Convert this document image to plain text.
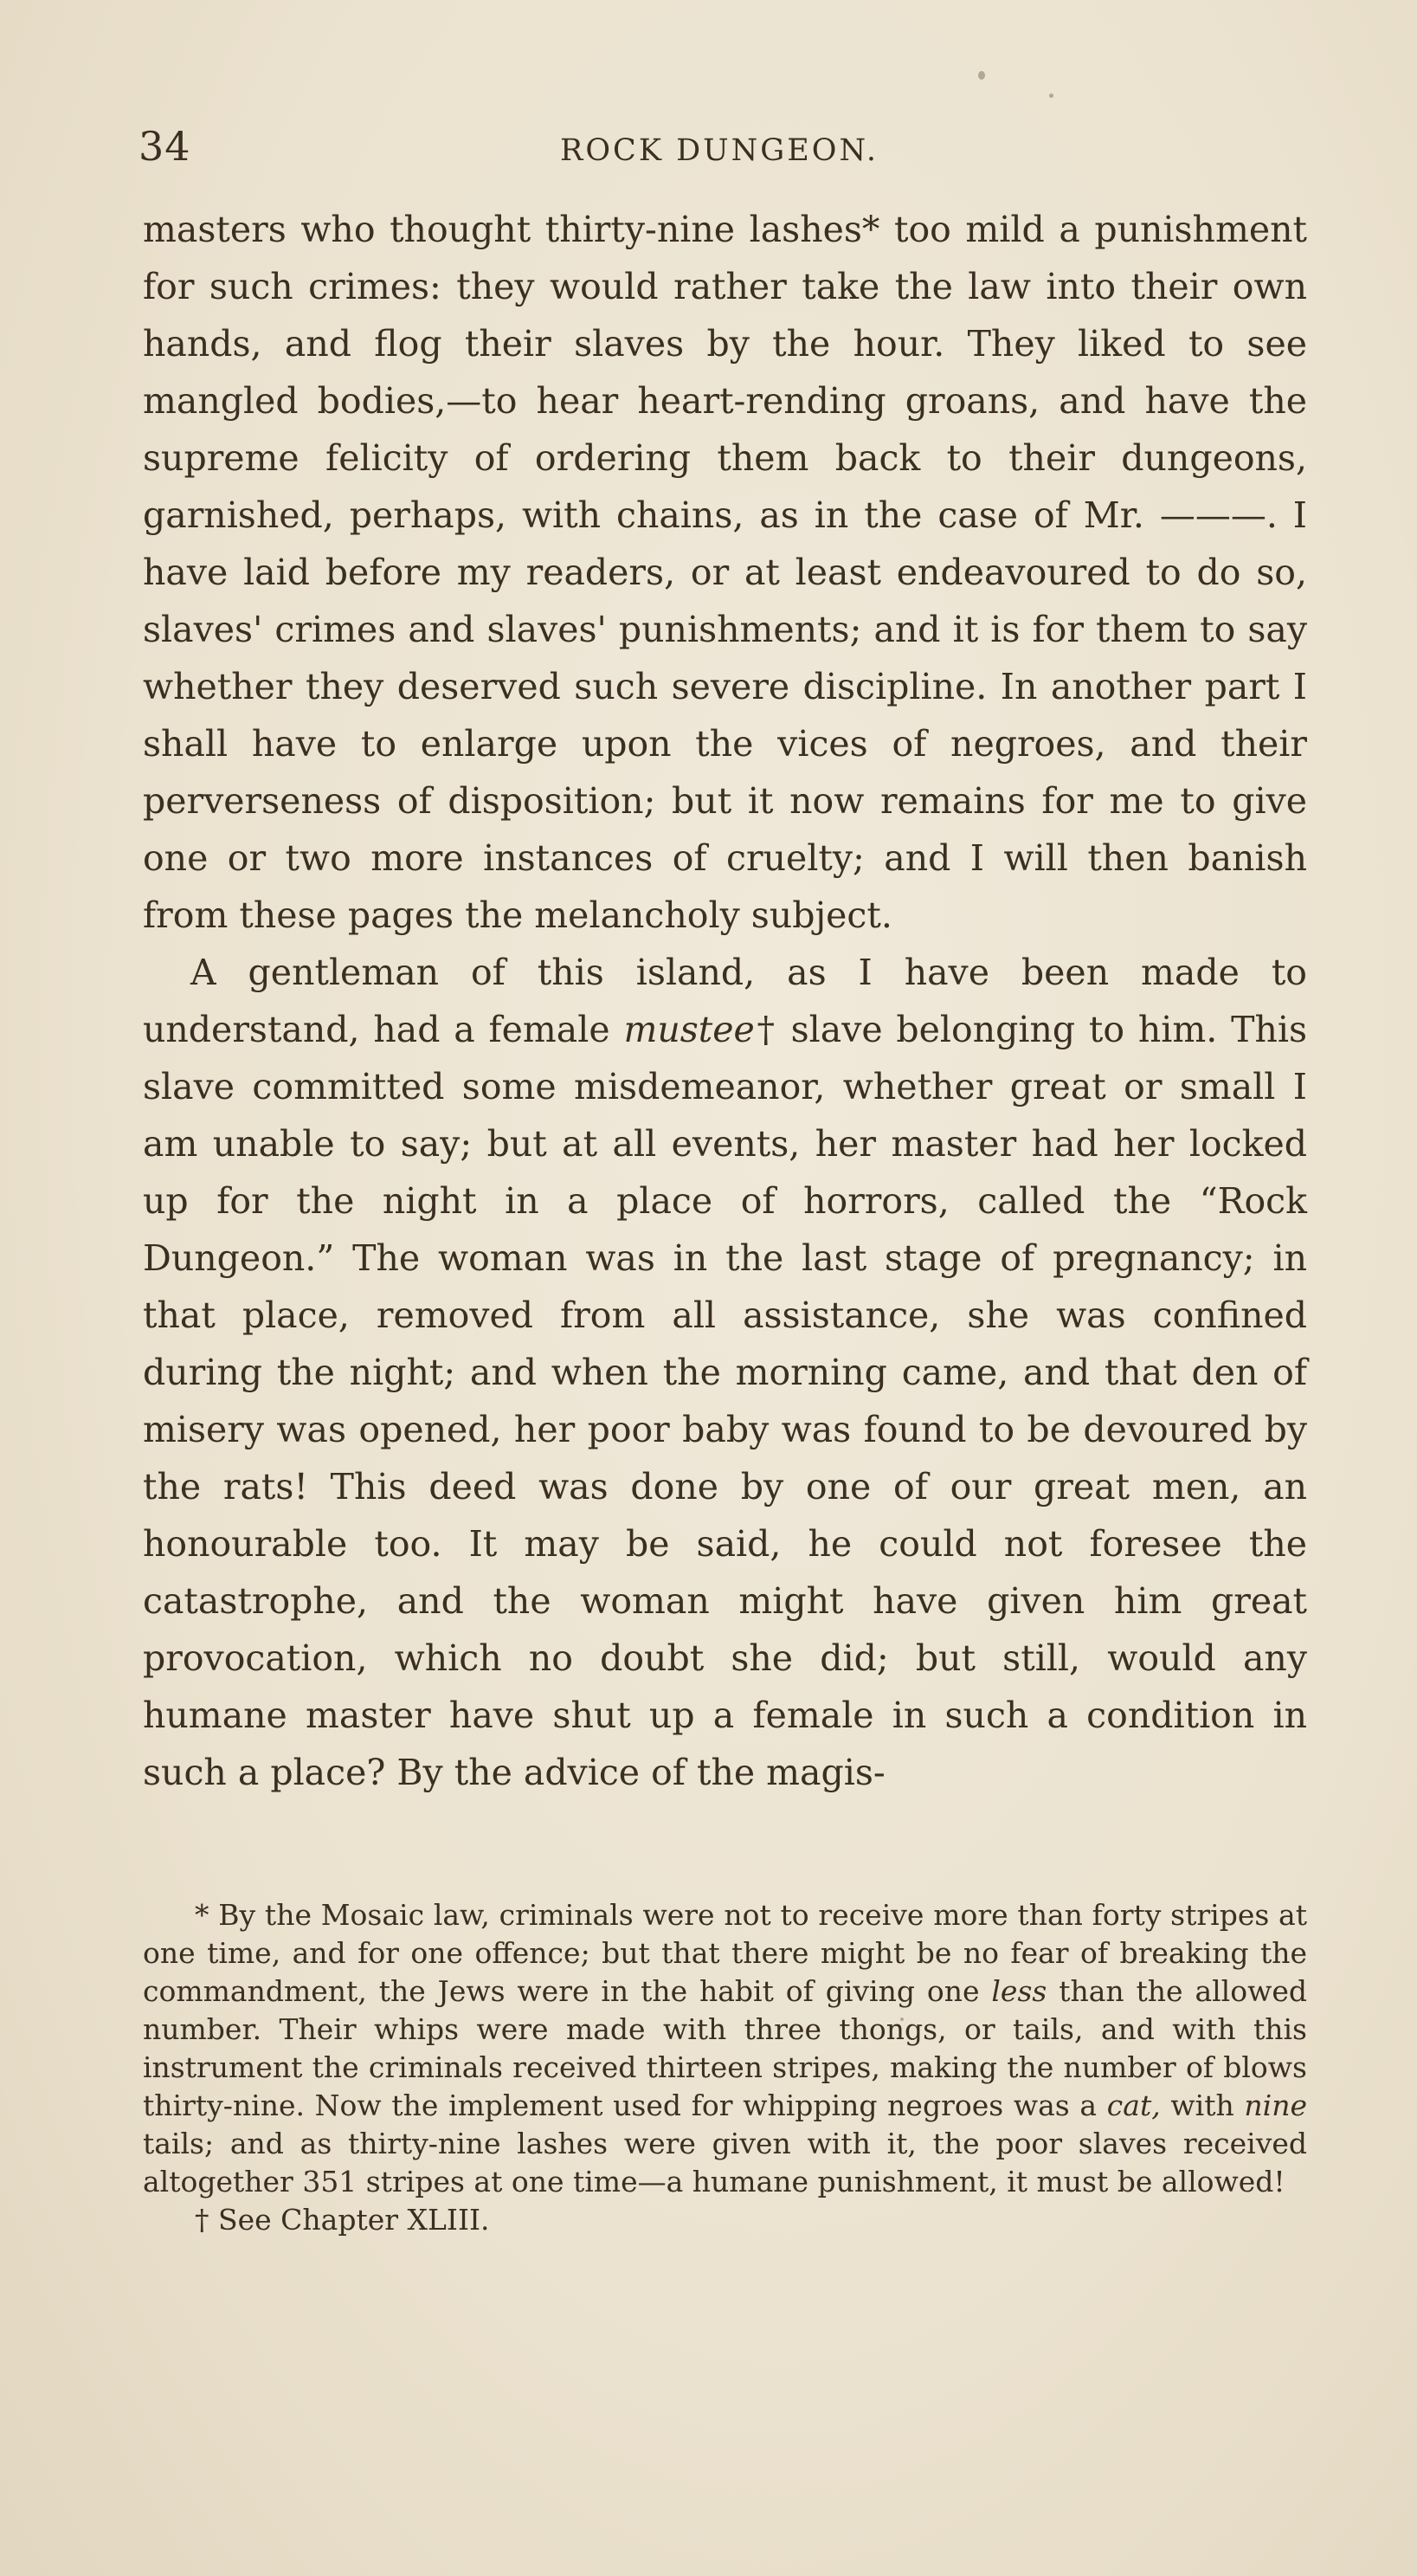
34	ROCK DUNGEON.

masters who thought thirty-nine lashes* too mild a punishment for such crimes: they would rather take the law into their own hands, and flog their slaves by the hour. They liked to see mangled bodies,—to hear heart-rending groans, and have the supreme felicity of ordering them back to their dungeons, garnished, perhaps, with chains, as in the case of Mr. ———. I have laid before my readers, or at least endeavoured to do so, slaves' crimes and slaves' punishments; and it is for them to say whether they deserved such severe discipline. In another part I shall have to enlarge upon the vices of negroes, and their perverseness of disposition; but it now remains for me to give one or two more instances of cruelty; and I will then banish from these pages the melancholy subject.

A gentleman of this island, as I have been made to understand, had a female mustee† slave belonging to him. This slave committed some misdemeanor, whether great or small I am unable to say; but at all events, her master had her locked up for the night in a place of horrors, called the “Rock Dungeon.” The woman was in the last stage of pregnancy; in that place, removed from all assistance, she was confined during the night; and when the morning came, and that den of misery was opened, her poor baby was found to be devoured by the rats! This deed was done by one of our great men, an honourable too. It may be said, he could not foresee the catastrophe, and the woman might have given him great provocation, which no doubt she did; but still, would any humane master have shut up a female in such a condition in such a place? By the advice of the magis-

* By the Mosaic law, criminals were not to receive more than forty stripes at one time, and for one offence; but that there might be no fear of breaking the commandment, the Jews were in the habit of giving one less than the allowed number. Their whips were made with three thongs, or tails, and with this instrument the criminals received thirteen stripes, making the number of blows thirty-nine. Now the implement used for whipping negroes was a cat, with nine tails; and as thirty-nine lashes were given with it, the poor slaves received altogether 351 stripes at one time—a humane punishment, it must be allowed!

† See Chapter XLIII.
